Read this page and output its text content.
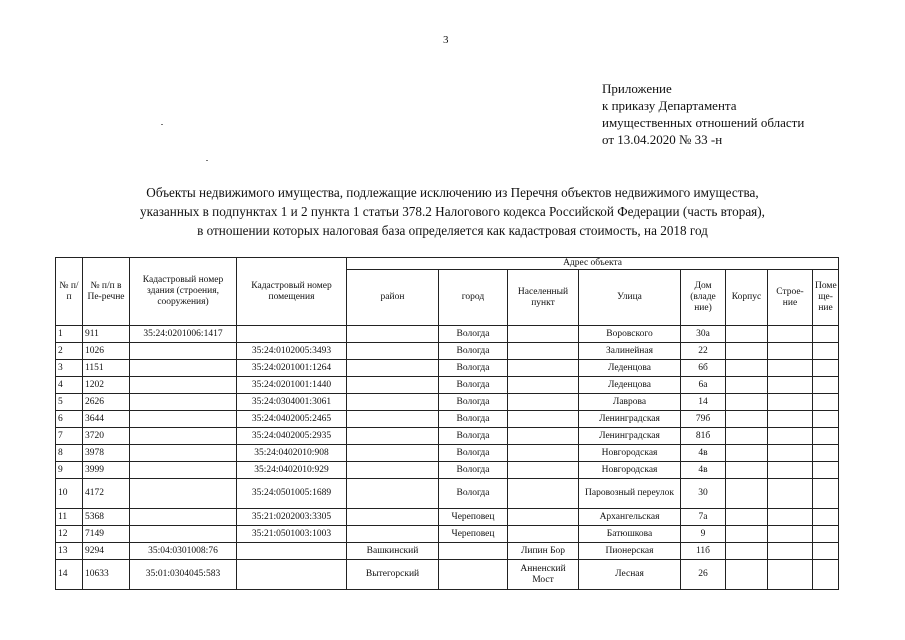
3
Приложение
к приказу Департамента
имущественных отношений области
от 13.04.2020 № 33 -н
Объекты недвижимого имущества, подлежащие исключению из Перечня объектов недвижимого имущества,
указанных в подпунктах 1 и 2 пункта 1 статьи 378.2 Налогового кодекса Российской Федерации (часть вторая),
в отношении которых налоговая база определяется как кадастровая стоимость, на 2018 год
№ п/п	№ п/п в Пе-речне	Кадастровый номер здания (строения, сооружения)	Кадастровый номер помещения	Адрес объекта							
				район	город	Населенный пункт	Улица	Дом (владе ние)	Корпус	Строе-ние	Поме ще-ние
1	911	35:24:0201006:1417			Вологда		Воровского	30а			
2	1026		35:24:0102005:3493		Вологда		Залинейная	22			
3	1151		35:24:0201001:1264		Вологда		Леденцова	6б			
4	1202		35:24:0201001:1440		Вологда		Леденцова	6а			
5	2626		35:24:0304001:3061		Вологда		Лаврова	14			
6	3644		35:24:0402005:2465		Вологда		Ленинградская	79б			
7	3720		35:24:0402005:2935		Вологда		Ленинградская	81б			
8	3978		35:24:0402010:908		Вологда		Новгородская	4в			
9	3999		35:24:0402010:929		Вологда		Новгородская	4в			
10	4172		35:24:0501005:1689		Вологда		Паровозный переулок	30			
11	5368		35:21:0202003:3305		Череповец		Архангельская	7а			
12	7149		35:21:0501003:1003		Череповец		Батюшкова	9			
13	9294	35:04:0301008:76		Вашкинский		Липин Бор	Пионерская	11б			
14	10633	35:01:0304045:583		Вытегорский		Анненский Мост	Лесная	26			
